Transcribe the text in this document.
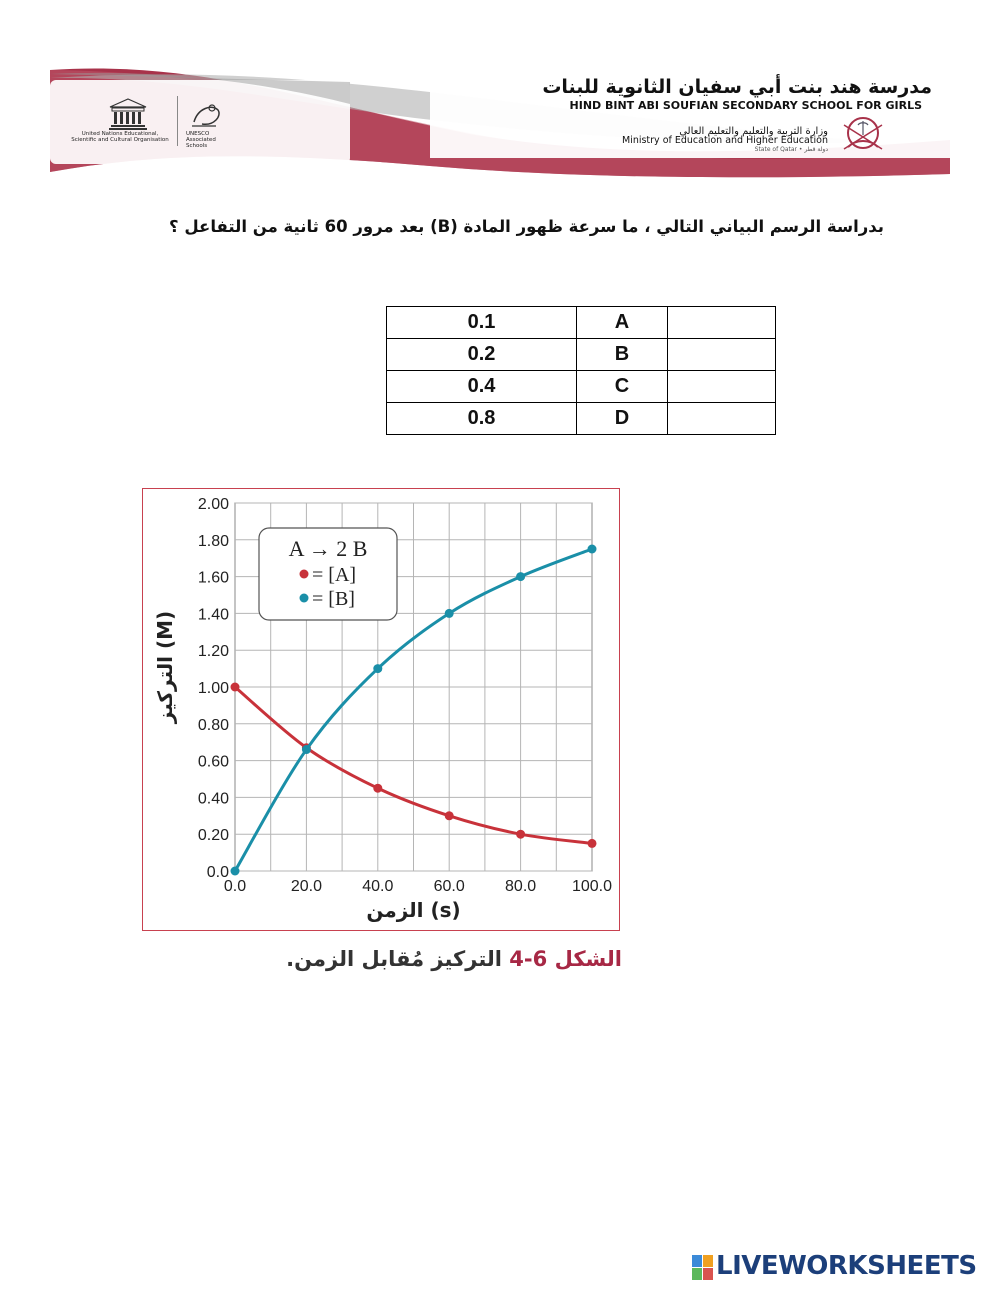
United Nations Educational, Scientific and Cultural Organisation
UNESCO Associated Schools
مدرسة هند بنت أبي سفيان الثانوية للبنات
HIND BINT ABI SOUFIAN SECONDARY SCHOOL FOR GIRLS
وزارة التربية والتعليم والتعليم العالي
Ministry of Education and Higher Education
State of Qatar • دولة قطر
بدراسة الرسم البياني التالي ، ما سرعة ظهور المادة (B) بعد مرور 60 ثانية من التفاعل ؟
0.1	A	
0.2	B	
0.4	C	
0.8	D	
0.0
0.20
0.40
0.60
0.80
1.00
1.20
1.40
1.60
1.80
2.00
0.0	20.0	40.0	60.0	80.0 100.0
الزمن (s)
التركيز (M)
A → 2 B
= [A]
= [B]
الشكل 6-4 التركيز مُقابل الزمن.
LIVEWORKSHEETS
